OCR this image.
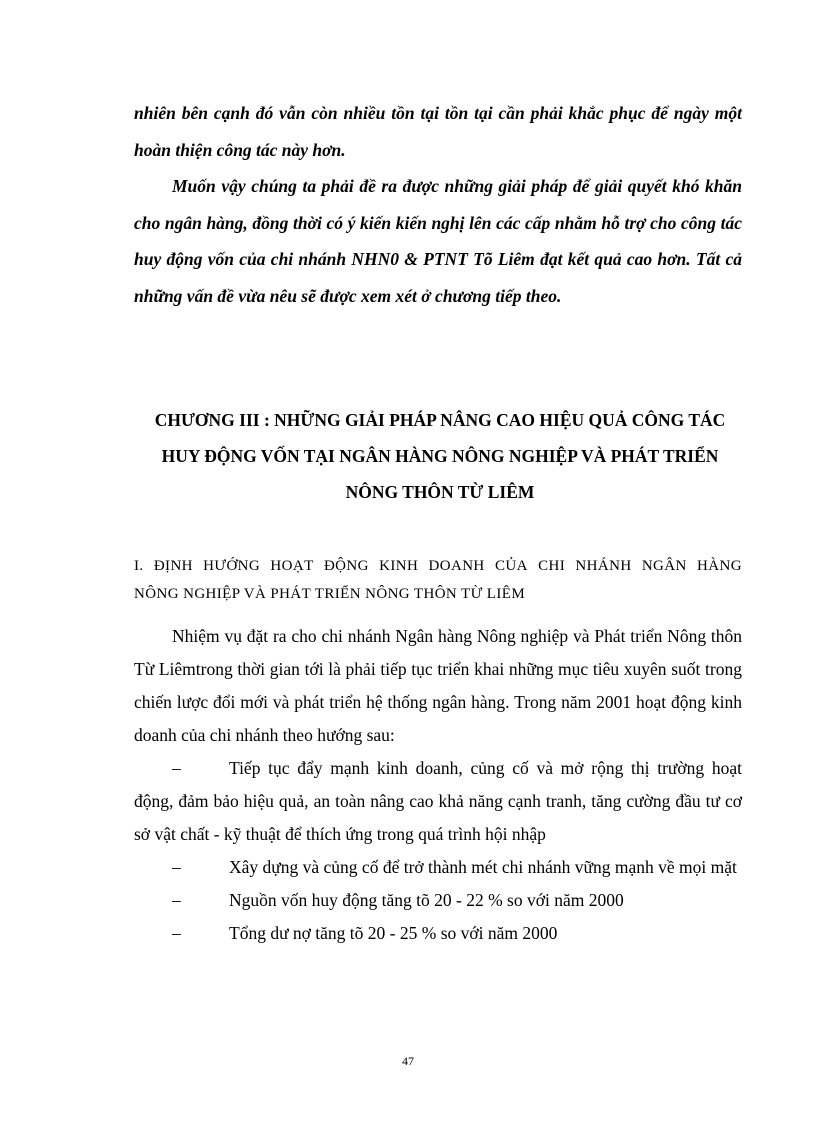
nhiên bên cạnh đó vẫn còn nhiều tồn tại tồn tại cần phải khắc phục để ngày một hoàn thiện công tác này hơn.

Muốn vậy chúng ta phải đề ra được những giải pháp để giải quyết khó khăn cho ngân hàng, đồng thời có ý kiến kiến nghị lên các cấp nhằm hỗ trợ cho công tác huy động vốn của chi nhánh NHN0 & PTNT Tõ Liêm đạt kết quả cao hơn. Tất cả những vấn đề vừa nêu sẽ được xem xét ở chương tiếp theo.

CHƯƠNG III : NHỮNG GIẢI PHÁP NÂNG CAO HIỆU QUẢ CÔNG TÁC
HUY ĐỘNG VỐN TẠI NGÂN HÀNG NÔNG NGHIỆP VÀ PHÁT TRIỂN
NÔNG THÔN TỪ LIÊM
I. ĐỊNH HƯỚNG HOẠT ĐỘNG KINH DOANH CỦA CHI NHÁNH NGÂN HÀNG
NÔNG NGHIỆP VÀ PHÁT TRIỂN NÔNG THÔN TỪ LIÊM

Nhiệm vụ đặt ra cho chi nhánh Ngân hàng Nông nghiệp và Phát triển Nông thôn Từ Liêmtrong thời gian tới là phải tiếp tục triển khai những mục tiêu xuyên suốt trong chiến lược đổi mới và phát triển hệ thống ngân hàng. Trong năm 2001 hoạt động kinh doanh của chi nhánh theo hướng sau:

–	Tiếp tục đẩy mạnh kinh doanh, củng cố và mở rộng thị trường hoạt động, đảm bảo hiệu quả, an toàn nâng cao khả năng cạnh tranh, tăng cường đầu tư cơ sở vật chất - kỹ thuật để thích ứng trong quá trình hội nhập

–	Xây dựng và củng cố để trở thành mét chi nhánh vững mạnh về mọi mặt

–	Nguồn vốn huy động tăng tõ 20 - 22 % so với năm 2000

–	Tổng dư nợ tăng tõ 20 - 25 % so với năm 2000

47
